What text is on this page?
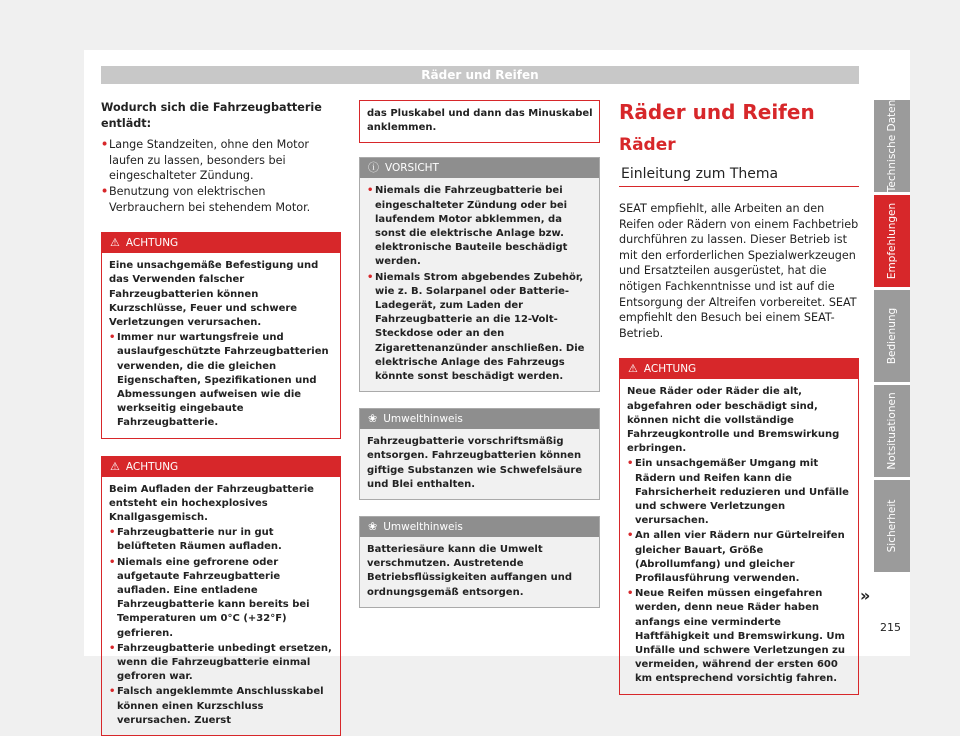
Räder und Reifen

Wodurch sich die Fahrzeugbatterie entlädt:

• Lange Standzeiten, ohne den Motor laufen zu lassen, besonders bei eingeschalteter Zündung.

• Benutzung von elektrischen Verbrauchern bei stehendem Motor.

⚠ ACHTUNG

Eine unsachgemäße Befestigung und das Verwenden falscher Fahrzeugbatterien können Kurzschlüsse, Feuer und schwere Verletzungen verursachen.

• Immer nur wartungsfreie und auslaufgeschützte Fahrzeugbatterien verwenden, die die gleichen Eigenschaften, Spezifikationen und Abmessungen aufweisen wie die werkseitig eingebaute Fahrzeugbatterie.

⚠ ACHTUNG

Beim Aufladen der Fahrzeugbatterie entsteht ein hochexplosives Knallgasgemisch.

• Fahrzeugbatterie nur in gut belüfteten Räumen aufladen.

• Niemals eine gefrorene oder aufgetaute Fahrzeugbatterie aufladen. Eine entladene Fahrzeugbatterie kann bereits bei Temperaturen um 0°C (+32°F) gefrieren.

• Fahrzeugbatterie unbedingt ersetzen, wenn die Fahrzeugbatterie einmal gefroren war.

• Falsch angeklemmte Anschlusskabel können einen Kurzschluss verursachen. Zuerst

das Pluskabel und dann das Minuskabel anklemmen.

ⓘ VORSICHT

• Niemals die Fahrzeugbatterie bei eingeschalteter Zündung oder bei laufendem Motor abklemmen, da sonst die elektrische Anlage bzw. elektronische Bauteile beschädigt werden.

• Niemals Strom abgebendes Zubehör, wie z. B. Solarpanel oder Batterie-Ladegerät, zum Laden der Fahrzeugbatterie an die 12-Volt-Steckdose oder an den Zigarettenanzünder anschließen. Die elektrische Anlage des Fahrzeugs könnte sonst beschädigt werden.

❀ Umwelthinweis

Fahrzeugbatterie vorschriftsmäßig entsorgen. Fahrzeugbatterien können giftige Substanzen wie Schwefelsäure und Blei enthalten.

❀ Umwelthinweis

Batteriesäure kann die Umwelt verschmutzen. Austretende Betriebsflüssigkeiten auffangen und ordnungsgemäß entsorgen.

Räder und Reifen
Räder
Einleitung zum Thema

SEAT empfiehlt, alle Arbeiten an den Reifen oder Rädern von einem Fachbetrieb durchführen zu lassen. Dieser Betrieb ist mit den erforderlichen Spezialwerkzeugen und Ersatzteilen ausgerüstet, hat die nötigen Fachkenntnisse und ist auf die Entsorgung der Altreifen vorbereitet. SEAT empfiehlt den Besuch bei einem SEAT-Betrieb.

⚠ ACHTUNG

Neue Räder oder Räder die alt, abgefahren oder beschädigt sind, können nicht die vollständige Fahrzeugkontrolle und Bremswirkung erbringen.

• Ein unsachgemäßer Umgang mit Rädern und Reifen kann die Fahrsicherheit reduzieren und Unfälle und schwere Verletzungen verursachen.

• An allen vier Rädern nur Gürtelreifen gleicher Bauart, Größe (Abrollumfang) und gleicher Profilausführung verwenden.

• Neue Reifen müssen eingefahren werden, denn neue Räder haben anfangs eine verminderte Haftfähigkeit und Bremswirkung. Um Unfälle und schwere Verletzungen zu vermeiden, während der ersten 600 km entsprechend vorsichtig fahren.

»
Technische Daten
Empfehlungen
Bedienung
Notsituationen
Sicherheit
215
